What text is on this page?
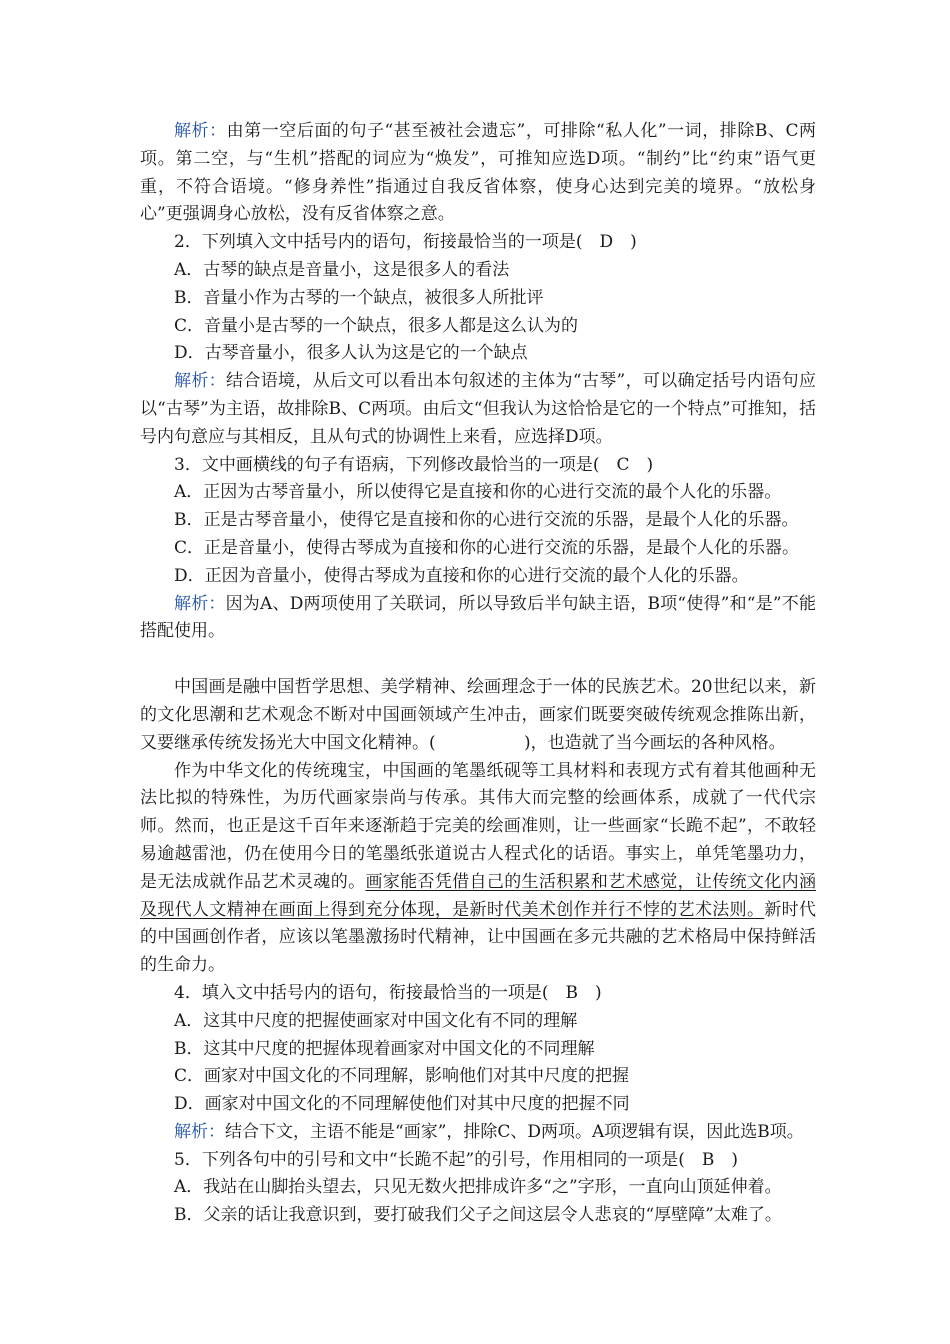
解析：由第一空后面的句子“甚至被社会遗忘”，可排除“私人化”一词，排除B、C两项。第二空，与“生机”搭配的词应为“焕发”，可推知应选D项。“制约”比“约束”语气更重，不符合语境。“修身养性”指通过自我反省体察，使身心达到完美的境界。“放松身心”更强调身心放松，没有反省体察之意。

2．下列填入文中括号内的语句，衔接最恰当的一项是(　D　)

A．古琴的缺点是音量小，这是很多人的看法

B．音量小作为古琴的一个缺点，被很多人所批评

C．音量小是古琴的一个缺点，很多人都是这么认为的

D．古琴音量小，很多人认为这是它的一个缺点

解析：结合语境，从后文可以看出本句叙述的主体为“古琴”，可以确定括号内语句应以“古琴”为主语，故排除B、C两项。由后文“但我认为这恰恰是它的一个特点”可推知，括号内句意应与其相反，且从句式的协调性上来看，应选择D项。

3．文中画横线的句子有语病，下列修改最恰当的一项是(　C　)

A．正因为古琴音量小，所以使得它是直接和你的心进行交流的最个人化的乐器。

B．正是古琴音量小，使得它是直接和你的心进行交流的乐器，是最个人化的乐器。

C．正是音量小，使得古琴成为直接和你的心进行交流的乐器，是最个人化的乐器。

D．正因为音量小，使得古琴成为直接和你的心进行交流的最个人化的乐器。

解析：因为A、D两项使用了关联词，所以导致后半句缺主语，B项“使得”和“是”不能搭配使用。

中国画是融中国哲学思想、美学精神、绘画理念于一体的民族艺术。20世纪以来，新的文化思潮和艺术观念不断对中国画领域产生冲击，画家们既要突破传统观念推陈出新，又要继承传统发扬光大中国文化精神。(	)，也造就了当今画坛的各种风格。

作为中华文化的传统瑰宝，中国画的笔墨纸砚等工具材料和表现方式有着其他画种无法比拟的特殊性，为历代画家崇尚与传承。其伟大而完整的绘画体系，成就了一代代宗师。然而，也正是这千百年来逐渐趋于完美的绘画准则，让一些画家“长跪不起”，不敢轻易逾越雷池，仍在使用今日的笔墨纸张道说古人程式化的话语。事实上，单凭笔墨功力，是无法成就作品艺术灵魂的。画家能否凭借自己的生活积累和艺术感觉，让传统文化内涵及现代人文精神在画面上得到充分体现，是新时代美术创作并行不悖的艺术法则。新时代的中国画创作者，应该以笔墨激扬时代精神，让中国画在多元共融的艺术格局中保持鲜活的生命力。

4．填入文中括号内的语句，衔接最恰当的一项是(　B　)

A．这其中尺度的把握使画家对中国文化有不同的理解

B．这其中尺度的把握体现着画家对中国文化的不同理解

C．画家对中国文化的不同理解，影响他们对其中尺度的把握

D．画家对中国文化的不同理解使他们对其中尺度的把握不同

解析：结合下文，主语不能是“画家”，排除C、D两项。A项逻辑有误，因此选B项。

5．下列各句中的引号和文中“长跪不起”的引号，作用相同的一项是(　B　)

A．我站在山脚抬头望去，只见无数火把排成许多“之”字形，一直向山顶延伸着。

B．父亲的话让我意识到，要打破我们父子之间这层令人悲哀的“厚壁障”太难了。
